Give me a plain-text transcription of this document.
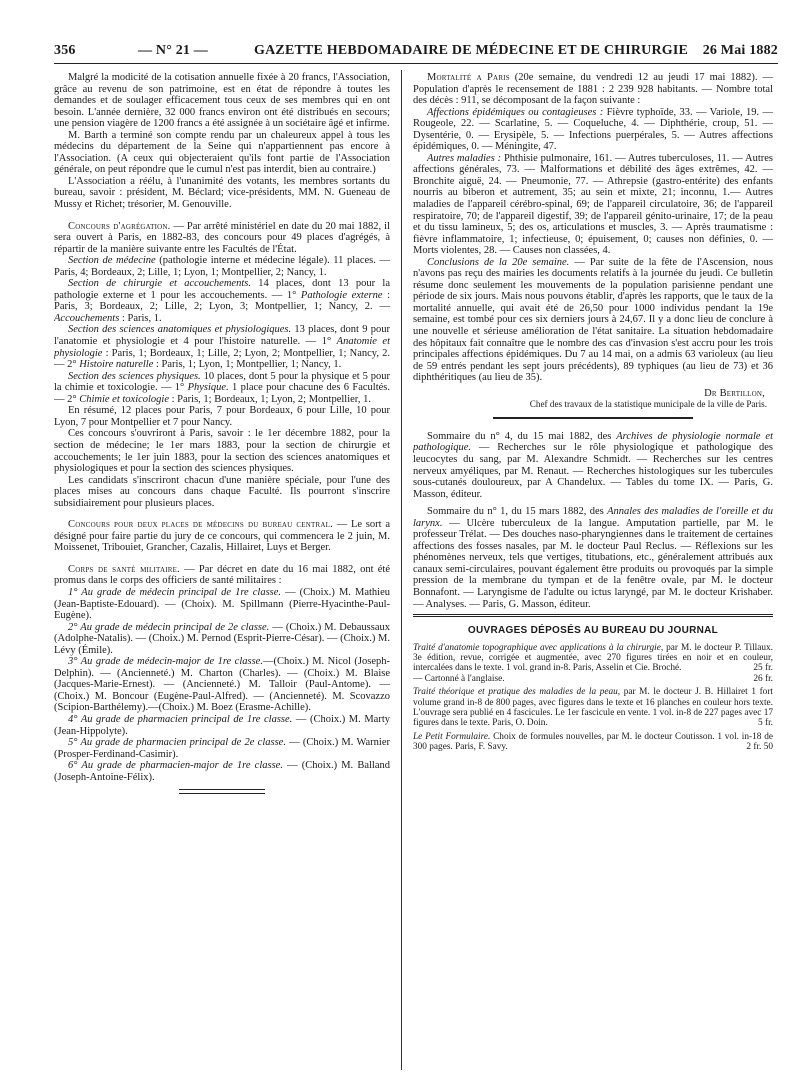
356	— N° 21 —	GAZETTE HEBDOMADAIRE DE MÉDECINE ET DE CHIRURGIE 26 Mai 1882

Malgré la modicité de la cotisation annuelle fixée à 20 francs, l'Association, grâce au revenu de son patrimoine, est en état de répondre à toutes les demandes et de soulager efficacement tous ceux de ses membres qui en ont besoin. L'année dernière, 32 000 francs environ ont été distribués en secours; une pension viagère de 1200 francs a été assignée à un sociétaire âgé et infirme.

M. Barth a terminé son compte rendu par un chaleureux appel à tous les médecins du département de la Seine qui n'appartiennent pas encore à l'Association. (A ceux qui objecteraient qu'ils font partie de l'Association générale, on peut répondre que le cumul n'est pas interdit, bien au contraire.)

L'Association a réélu, à l'unanimité des votants, les membres sortants du bureau, savoir : président, M. Béclard; vice-présidents, MM. N. Gueneau de Mussy et Richet; trésorier, M. Genouville.

Concours d'agrégation. — Par arrêté ministériel en date du 20 mai 1882, il sera ouvert à Paris, en 1882-83, des concours pour 49 places d'agrégés, à répartir de la manière suivante entre les Facultés de l'État.

Section de médecine (pathologie interne et médecine légale). 11 places. — Paris, 4; Bordeaux, 2; Lille, 1; Lyon, 1; Montpellier, 2; Nancy, 1.

Section de chirurgie et accouchements. 14 places, dont 13 pour la pathologie externe et 1 pour les accouchements. — 1° Pathologie externe : Paris, 3; Bordeaux, 2; Lille, 2; Lyon, 3; Montpellier, 1; Nancy, 2. — Accouchements : Paris, 1.

Section des sciences anatomiques et physiologiques. 13 places, dont 9 pour l'anatomie et physiologie et 4 pour l'histoire naturelle. — 1° Anatomie et physiologie : Paris, 1; Bordeaux, 1; Lille, 2; Lyon, 2; Montpellier, 1; Nancy, 2. — 2° Histoire naturelle : Paris, 1; Lyon, 1; Montpellier, 1; Nancy, 1.

Section des sciences physiques. 10 places, dont 5 pour la physique et 5 pour la chimie et toxicologie. — 1° Physique. 1 place pour chacune des 6 Facultés.— 2° Chimie et toxicologie : Paris, 1; Bordeaux, 1; Lyon, 2; Montpellier, 1.

En résumé, 12 places pour Paris, 7 pour Bordeaux, 6 pour Lille, 10 pour Lyon, 7 pour Montpellier et 7 pour Nancy.

Ces concours s'ouvriront à Paris, savoir : le 1er décembre 1882, pour la section de médecine; le 1er mars 1883, pour la section de chirurgie et accouchements; le 1er juin 1883, pour la section des sciences anatomiques et physiologiques et pour la section des sciences physiques.

Les candidats s'inscriront chacun d'une manière spéciale, pour l'une des places mises au concours dans chaque Faculté. Ils pourront s'inscrire subsidiairement pour plusieurs places.

Concours pour deux places de médecins du bureau central. — Le sort a désigné pour faire partie du jury de ce concours, qui commencera le 2 juin, M. Moissenet, Tribouiet, Grancher, Cazalis, Hillairet, Luys et Berger.

Corps de santé militaire. — Par décret en date du 16 mai 1882, ont été promus dans le corps des officiers de santé militaires :

1° Au grade de médecin principal de 1re classe. — (Choix.) M. Mathieu (Jean-Baptiste-Edouard). — (Choix). M. Spillmann (Pierre-Hyacinthe-Paul-Eugène).

2° Au grade de médecin principal de 2e classe. — (Choix.) M. Debaussaux (Adolphe-Natalis). — (Choix.) M. Pernod (Esprit-Pierre-César). — (Choix.) M. Lévy (Émile).

3° Au grade de médecin-major de 1re classe.—(Choix.) M. Nicol (Joseph-Delphin). — (Ancienneté.) M. Charton (Charles). — (Choix.) M. Blaise (Jacques-Marie-Ernest). — (Ancienneté.) M. Talloir (Paul-Antome). — (Choix.) M. Boncour (Eugène-Paul-Alfred). — (Ancienneté). M. Scovazzo (Scipion-Barthélemy).—(Choix.) M. Boez (Erasme-Achille).

4° Au grade de pharmacien principal de 1re classe. — (Choix.) M. Marty (Jean-Hippolyte).

5° Au grade de pharmacien principal de 2e classe. — (Choix.) M. Warnier (Prosper-Ferdinand-Casimir).

6° Au grade de pharmacien-major de 1re classe. — (Choix.) M. Balland (Joseph-Antoine-Félix).

Mortalité a Paris (20e semaine, du vendredi 12 au jeudi 17 mai 1882). — Population d'après le recensement de 1881 : 2 239 928 habitants. — Nombre total des décès : 911, se décomposant de la façon suivante :

Affections épidémiques ou contagieuses : Fièvre typhoïde, 33. — Variole, 19. — Rougeole, 22. — Scarlatine, 5. — Coqueluche, 4. — Diphthérie, croup, 51. — Dysentérie, 0. — Erysipèle, 5. — Infections puerpérales, 5. — Autres affections épidémiques, 0. — Méningite, 47.

Autres maladies : Phthisie pulmonaire, 161. — Autres tuberculoses, 11. — Autres affections générales, 73. — Malformations et débilité des âges extrêmes, 42. — Bronchite aiguë, 24. — Pneumonie, 77. — Athrepsie (gastro-entérite) des enfants nourris au biberon et autrement, 35; au sein et mixte, 21; inconnu, 1.— Autres maladies de l'appareil cérébro-spinal, 69; de l'appareil circulatoire, 36; de l'appareil respiratoire, 70; de l'appareil digestif, 39; de l'appareil génito-urinaire, 17; de la peau et du tissu lamineux, 5; des os, articulations et muscles, 3. — Après traumatisme : fièvre inflammatoire, 1; infectieuse, 0; épuisement, 0; causes non définies, 0. — Morts violentes, 28. — Causes non classées, 4.

Conclusions de la 20e semaine. — Par suite de la fête de l'Ascension, nous n'avons pas reçu des mairies les documents relatifs à la journée du jeudi. Ce bulletin résume donc seulement les mouvements de la population parisienne pendant une période de six jours. Mais nous pouvons établir, d'après les rapports, que le taux de la mortalité annuelle, qui avait été de 26,50 pour 1000 individus pendant la 19e semaine, est tombé pour ces six derniers jours à 24,67. Il y a donc lieu de conclure à une nouvelle et sérieuse amélioration de l'état sanitaire. La situation hebdomadaire des hôpitaux fait connaître que le nombre des cas d'invasion s'est accru pour les trois principales affections épidémiques. Du 7 au 14 mai, on a admis 63 varioleux (au lieu de 59 entrés pendant les sept jours précédents), 89 typhiques (au lieu de 73) et 36 diphthéritiques (au lieu de 35).

Dr Bertillon,
Chef des travaux de la statistique municipale de la ville de Paris.

Sommaire du n° 4, du 15 mai 1882, des Archives de physiologie normale et pathologique. — Recherches sur le rôle physiologique et pathologique des leucocytes du sang, par M. Alexandre Schmidt. — Recherches sur les centres nerveux amyéliques, par M. Renaut. — Recherches histologiques sur les tubercules sous-cutanés douloureux, par A Chandelux. — Tables du tome IX. — Paris, G. Masson, éditeur.

Sommaire du n° 1, du 15 mars 1882, des Annales des maladies de l'oreille et du larynx. — Ulcère tuberculeux de la langue. Amputation partielle, par M. le professeur Trélat. — Des douches naso-pharyngiennes dans le traitement de certaines affections des fosses nasales, par M. le docteur Paul Reclus. — Réflexions sur les phénomènes nerveux, tels que vertiges, titubations, etc., généralement attribués aux canaux semi-circulaires, pouvant également être produits ou provoqués par la simple pression de la membrane du tympan et de la fenêtre ovale, par M. le docteur Bonnafont. — Laryngisme de l'adulte ou ictus laryngé, par M. le docteur Krishaber. — Analyses. — Paris, G. Masson, éditeur.

OUVRAGES DÉPOSÉS AU BUREAU DU JOURNAL

Traité d'anatomie topographique avec applications à la chirurgie, par M. le docteur P. Tillaux. 3e édition, revue, corrigée et augmentée, avec 270 figures tirées en noir et en couleur, intercalées dans le texte. 1 vol. grand in-8. Paris, Asselin et Cie. Broché.	25 fr.
— Cartonné à l'anglaise.	26 fr.

Traité théorique et pratique des maladies de la peau, par M. le docteur J. B. Hillairet 1 fort volume grand in-8 de 800 pages, avec figures dans le texte et 16 planches en couleur hors texte. L'ouvrage sera publié en 4 fascicules. Le 1er fascicule en vente. 1 vol. in-8 de 227 pages avec 17 figures dans le texte. Paris, O. Doin.	5 fr.

Le Petit Formulaire. Choix de formules nouvelles, par M. le docteur Coutisson. 1 vol. in-18 de 300 pages. Paris, F. Savy.	2 fr. 50
